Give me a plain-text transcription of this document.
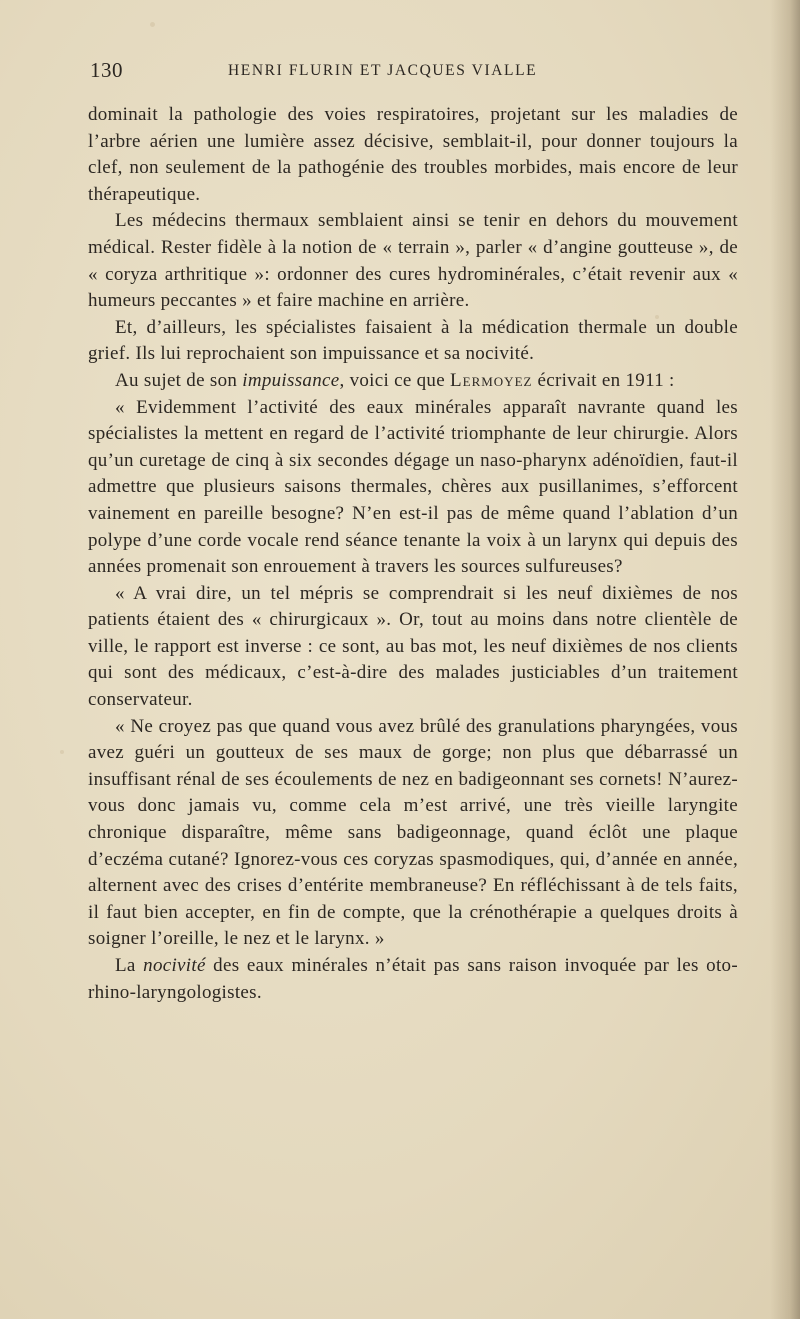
130	HENRI FLURIN ET JACQUES VIALLE

dominait la pathologie des voies respiratoires, projetant sur les maladies de l’arbre aérien une lumière assez décisive, semblait-il, pour donner toujours la clef, non seulement de la pathogénie des troubles morbides, mais encore de leur thérapeutique.

Les médecins thermaux semblaient ainsi se tenir en dehors du mouvement médical. Rester fidèle à la notion de « terrain », parler « d’angine goutteuse », de « coryza arthritique »: ordonner des cures hydrominérales, c’était revenir aux « humeurs peccantes » et faire machine en arrière.

Et, d’ailleurs, les spécialistes faisaient à la médication thermale un double grief. Ils lui reprochaient son impuissance et sa nocivité.

Au sujet de son impuissance, voici ce que Lermoyez écrivait en 1911 :

« Evidemment l’activité des eaux minérales apparaît navrante quand les spécialistes la mettent en regard de l’activité triomphante de leur chirurgie. Alors qu’un curetage de cinq à six secondes dégage un naso-pharynx adénoïdien, faut-il admettre que plusieurs saisons thermales, chères aux pusillanimes, s’efforcent vainement en pareille besogne? N’en est-il pas de même quand l’ablation d’un polype d’une corde vocale rend séance tenante la voix à un larynx qui depuis des années promenait son enrouement à travers les sources sulfureuses?

« A vrai dire, un tel mépris se comprendrait si les neuf dixièmes de nos patients étaient des « chirurgicaux ». Or, tout au moins dans notre clientèle de ville, le rapport est inverse : ce sont, au bas mot, les neuf dixièmes de nos clients qui sont des médicaux, c’est-à-dire des malades justiciables d’un traitement conservateur.

« Ne croyez pas que quand vous avez brûlé des granulations pharyngées, vous avez guéri un goutteux de ses maux de gorge; non plus que débarrassé un insuffisant rénal de ses écoulements de nez en badigeonnant ses cornets! N’aurez-vous donc jamais vu, comme cela m’est arrivé, une très vieille laryngite chronique disparaître, même sans badigeonnage, quand éclôt une plaque d’eczéma cutané? Ignorez-vous ces coryzas spasmodiques, qui, d’année en année, alternent avec des crises d’entérite membraneuse? En réfléchissant à de tels faits, il faut bien accepter, en fin de compte, que la crénothérapie a quelques droits à soigner l’oreille, le nez et le larynx. »

La nocivité des eaux minérales n’était pas sans raison invoquée par les oto-rhino-laryngologistes.
